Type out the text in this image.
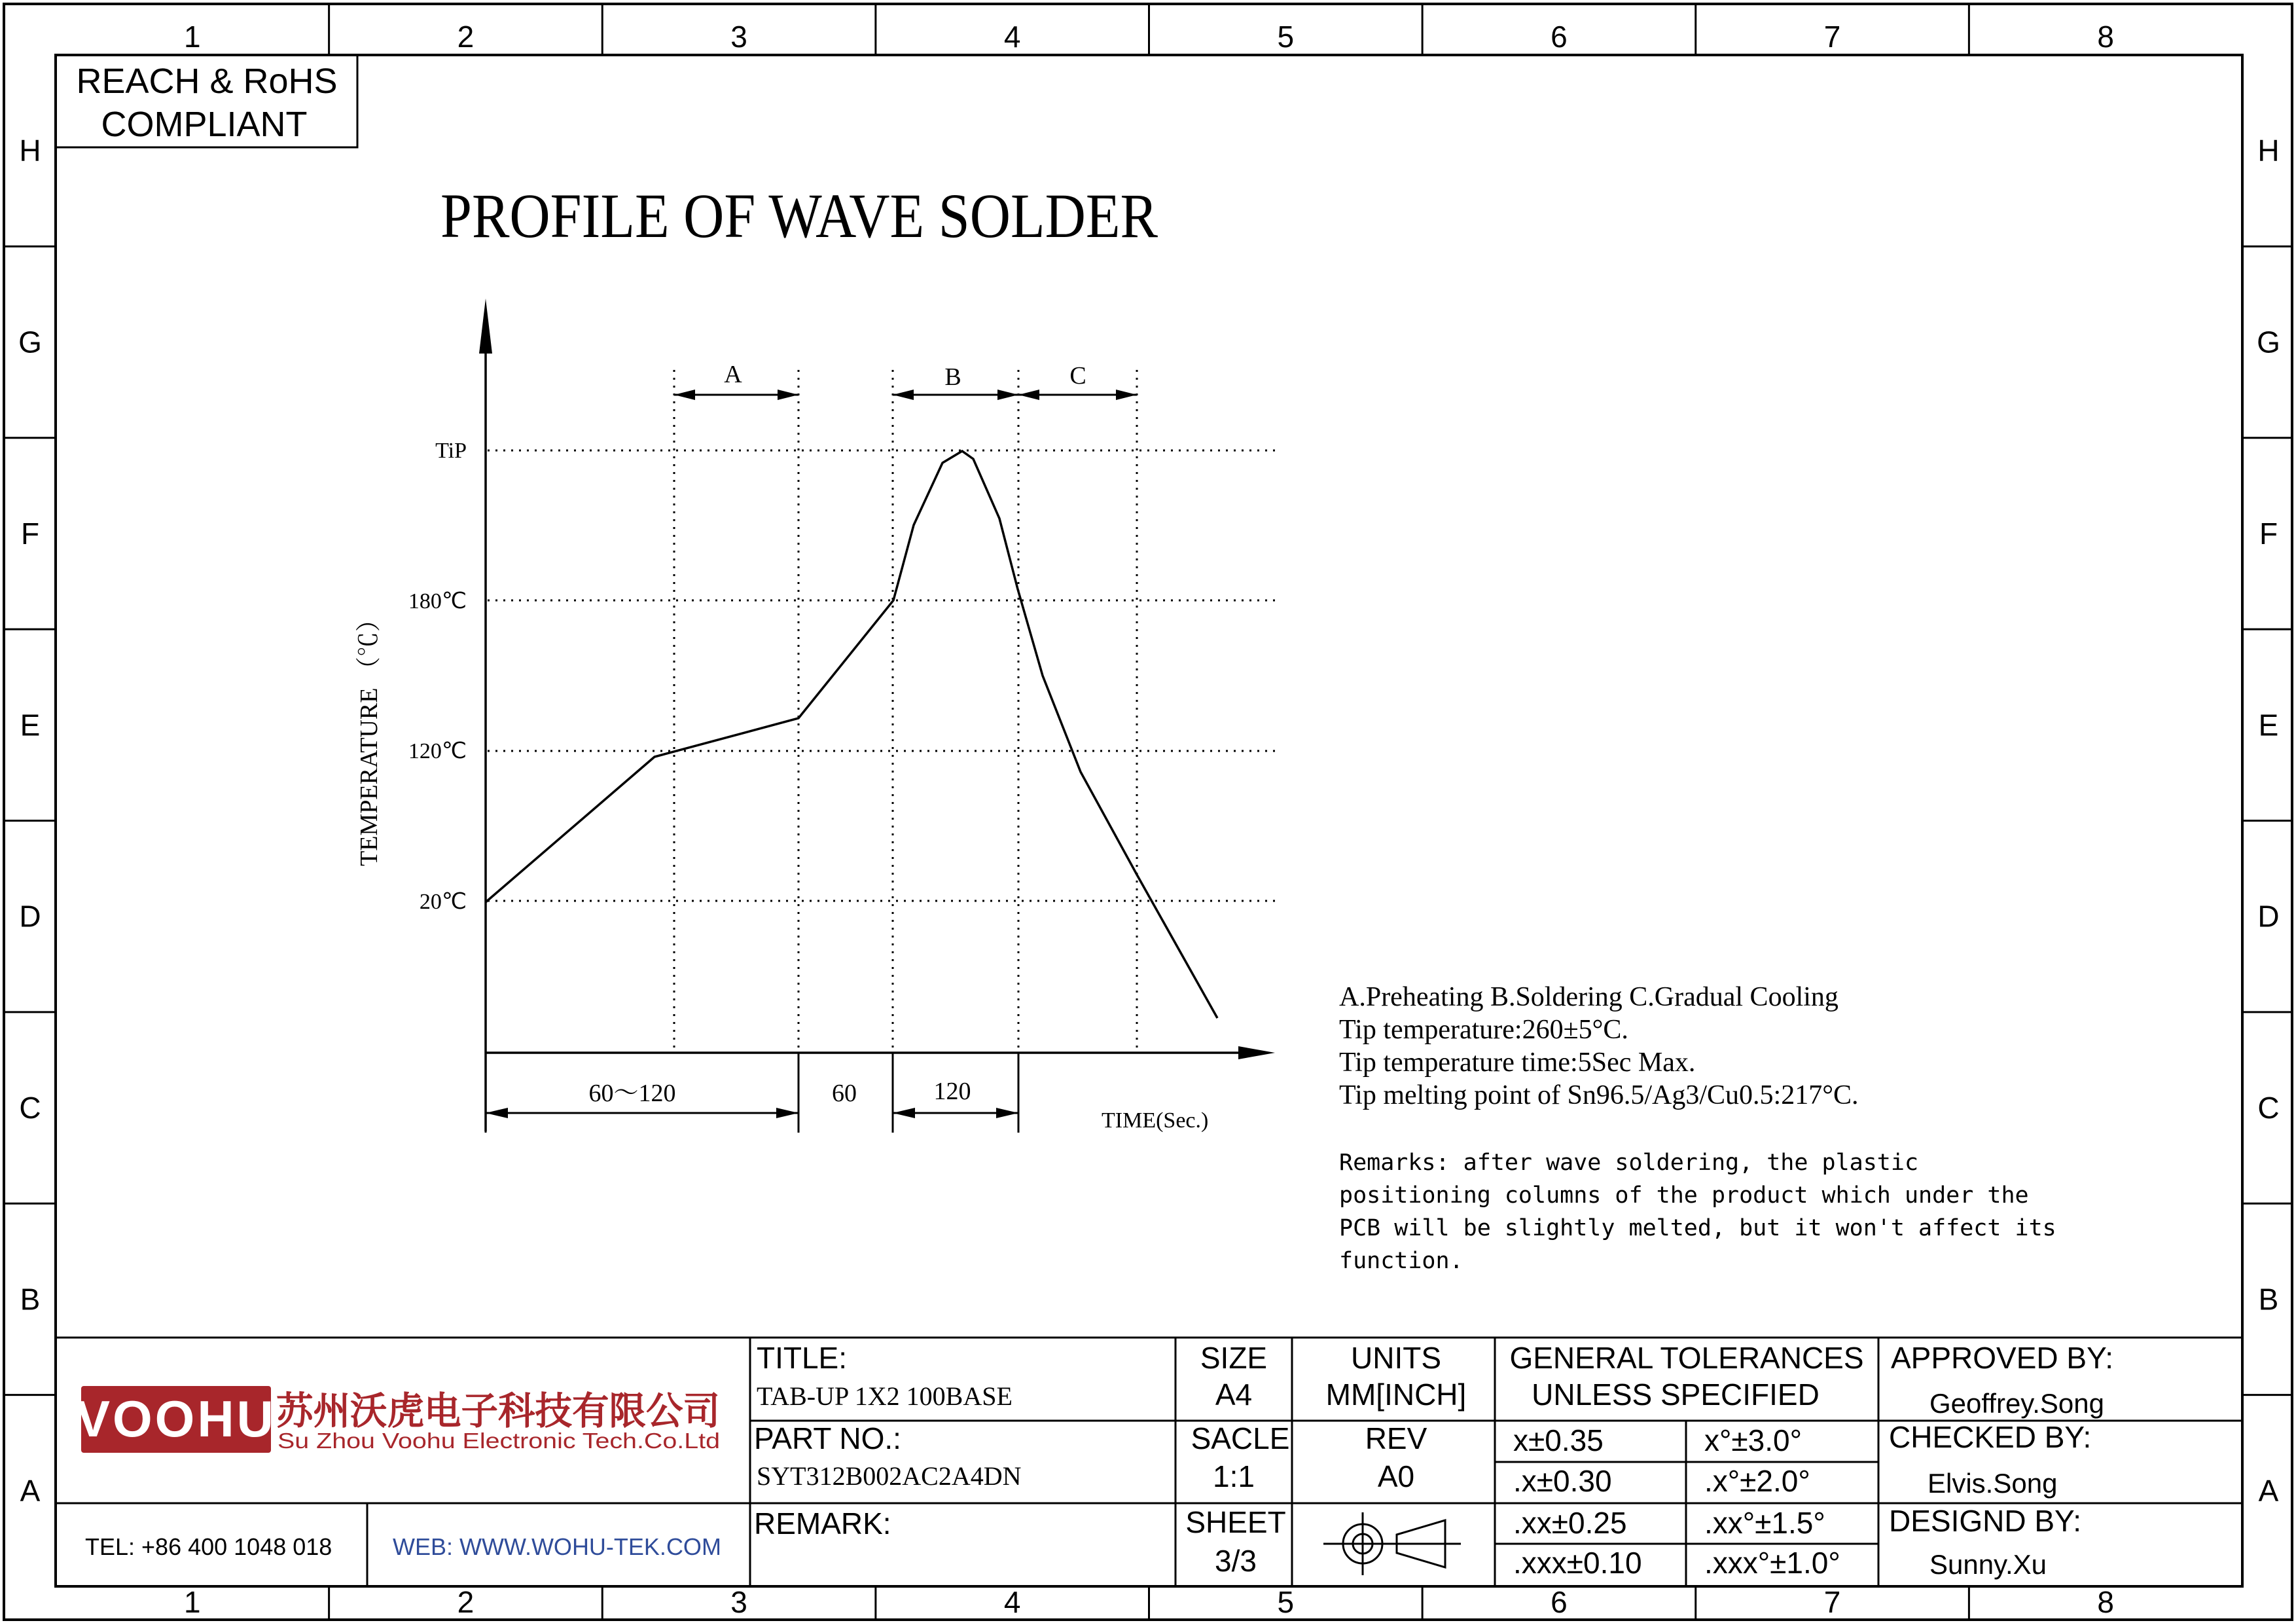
1
1
2
2
3
3
4
4
5
5
6
6
7
7
8
8
H	H
G	G
F	F
E	E
D	D
C	C
B	B
A	A
REACH & RoHS
COMPLIANT
PROFILE OF WAVE SOLDER
TiP
180℃
120℃
20℃
TEMPERATURE （℃）
A	B	C
60～120	60	120
TIME(Sec.)
A.Preheating B.Soldering C.Gradual Cooling
Tip temperature:260±5°C.
Tip temperature time:5Sec Max.
Tip melting point of Sn96.5/Ag3/Cu0.5:217°C.
Remarks: after wave soldering, the plastic
positioning columns of the product which under the
PCB will be slightly melted, but it won't affect its
function.
VOOHU 苏州沃虎电子科技有限公司
Su Zhou Voohu Electronic Tech.Co.Ltd
TEL: +86 400 1048 018	WEB: WWW.WOHU-TEK.COM
TITLE:
TAB-UP 1X2 100BASE
PART NO.:
SYT312B002AC2A4DN
REMARK:
SIZE
A4
SACLE
1:1
SHEET
3/3
UNITS
MM[INCH]
REV
A0
GENERAL TOLERANCES
UNLESS SPECIFIED
x±0.35	x°±3.0°
.x±0.30	.x°±2.0°
.xx±0.25	.xx°±1.5°
.xxx±0.10 .xxx°±1.0°
APPROVED BY:
Geoffrey.Song
CHECKED BY:
Elvis.Song
DESIGND BY:
Sunny.Xu
